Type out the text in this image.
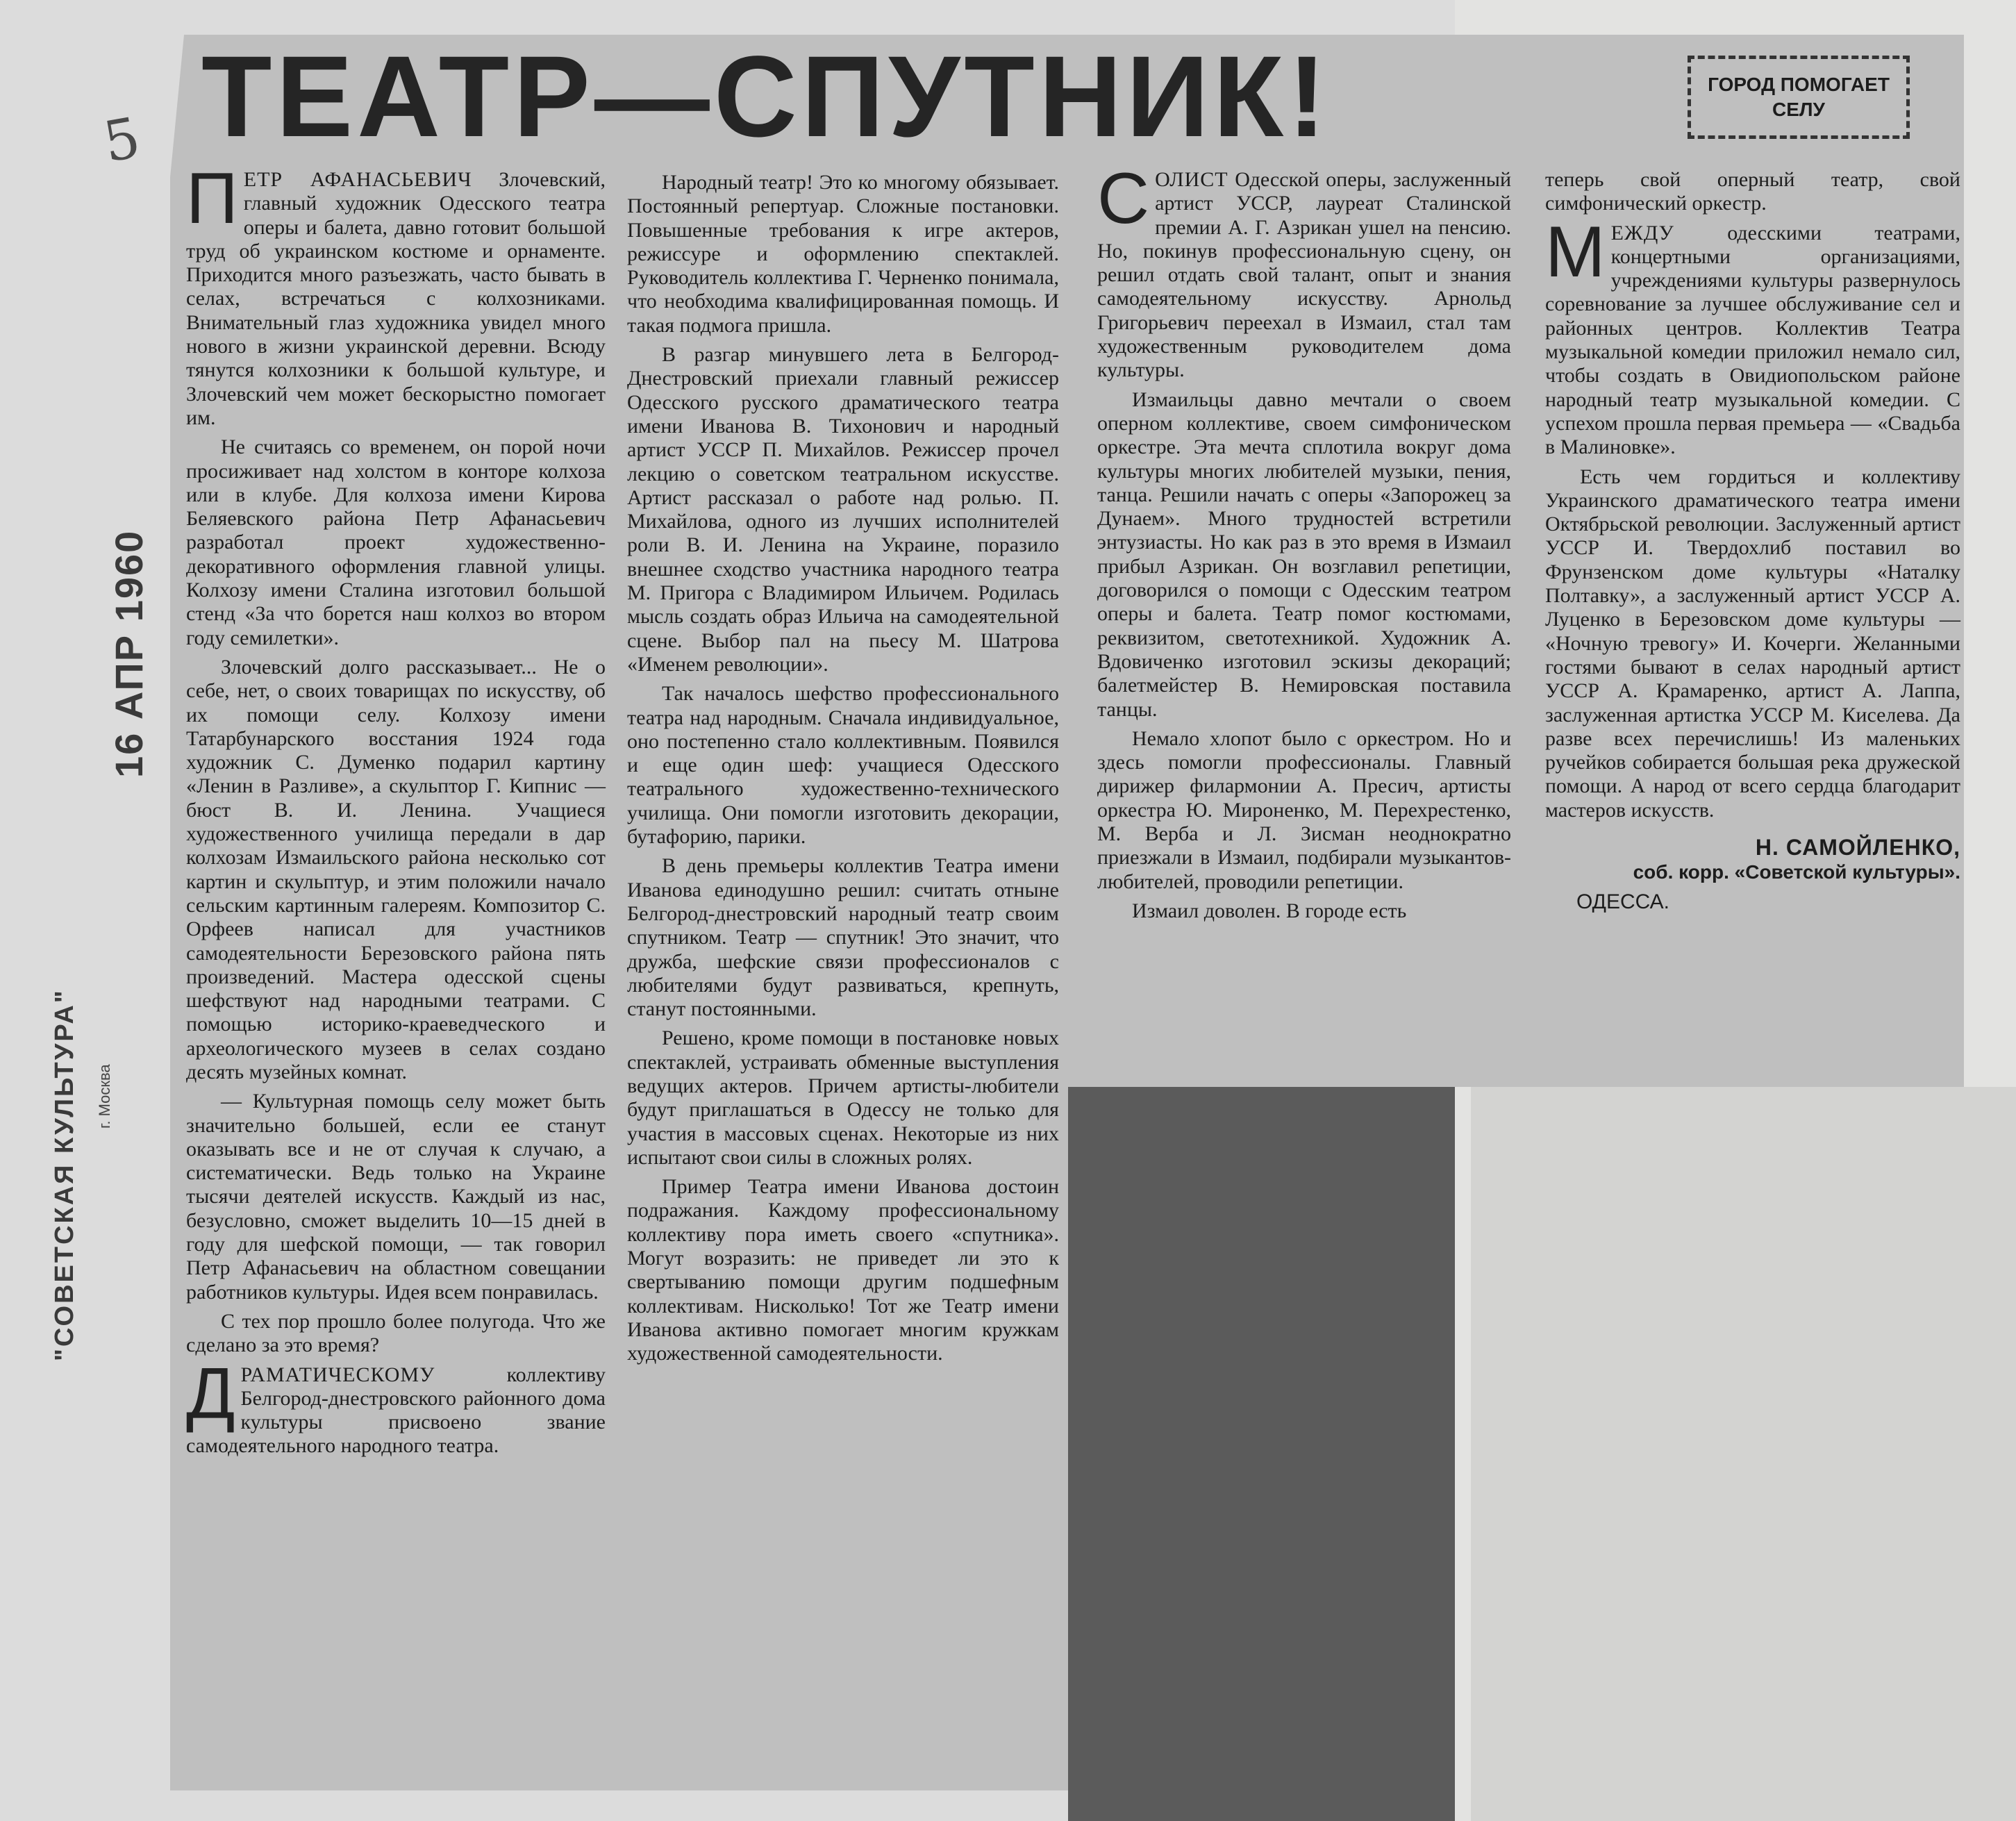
5
16 АПР 1960
"СОВЕТСКАЯ КУЛЬТУРА" г. Москва
ТЕАТР—СПУТНИК!	ГОРОД ПОМОГАЕТ СЕЛУ

ПЕТР АФАНАСЬЕВИЧ Злочевский, главный художник Одесского театра оперы и балета, давно готовит большой труд об украинском костюме и орнаменте. Приходится много разъезжать, часто бывать в селах, встречаться с колхозниками. Внимательный глаз художника увидел много нового в жизни украинской деревни. Всюду тянутся колхозники к большой культуре, и Злочевский чем может бескорыстно помогает им.

Не считаясь со временем, он порой ночи просиживает над холстом в конторе колхоза или в клубе. Для колхоза имени Кирова Беляевского района Петр Афанасьевич разработал проект художественно-декоративного оформления главной улицы. Колхозу имени Сталина изготовил большой стенд «За что борется наш колхоз во втором году семилетки».

Злочевский долго рассказывает... Не о себе, нет, о своих товарищах по искусству, об их помощи селу. Колхозу имени Татарбунарского восстания 1924 года художник С. Думенко подарил картину «Ленин в Разливе», а скульптор Г. Кипнис — бюст В. И. Ленина. Учащиеся художественного училища передали в дар колхозам Измаильского района несколько сот картин и скульптур, и этим положили начало сельским картинным галереям. Композитор С. Орфеев написал для участников самодеятельности Березовского района пять произведений. Мастера одесской сцены шефствуют над народными театрами. С помощью историко-краеведческого и археологического музеев в селах создано десять музейных комнат.

— Культурная помощь селу может быть значительно большей, если ее станут оказывать все и не от случая к случаю, а систематически. Ведь только на Украине тысячи деятелей искусств. Каждый из нас, безусловно, сможет выделить 10—15 дней в году для шефской помощи, — так говорил Петр Афанасьевич на областном совещании работников культуры. Идея всем понравилась.

С тех пор прошло более полугода. Что же сделано за это время?

ДРАМАТИЧЕСКОМУ коллективу Белгород-днестровского районного дома культуры присвоено звание самодеятельного народного театра.

Народный театр! Это ко многому обязывает. Постоянный репертуар. Сложные постановки. Повышенные требования к игре актеров, режиссуре и оформлению спектаклей. Руководитель коллектива Г. Черненко понимала, что необходима квалифицированная помощь. И такая подмога пришла.

В разгар минувшего лета в Белгород-Днестровский приехали главный режиссер Одесского русского драматического театра имени Иванова В. Тихонович и народный артист УССР П. Михайлов. Режиссер прочел лекцию о советском театральном искусстве. Артист рассказал о работе над ролью. П. Михайлова, одного из лучших исполнителей роли В. И. Ленина на Украине, поразило внешнее сходство участника народного театра М. Пригора с Владимиром Ильичем. Родилась мысль создать образ Ильича на самодеятельной сцене. Выбор пал на пьесу М. Шатрова «Именем революции».

Так началось шефство профессионального театра над народным. Сначала индивидуальное, оно постепенно стало коллективным. Появился и еще один шеф: учащиеся Одесского театрального художественно-технического училища. Они помогли изготовить декорации, бутафорию, парики.

В день премьеры коллектив Театра имени Иванова единодушно решил: считать отныне Белгород-днестровский народный театр своим спутником. Театр — спутник! Это значит, что дружба, шефские связи профессионалов с любителями будут развиваться, крепнуть, станут постоянными.

Решено, кроме помощи в постановке новых спектаклей, устраивать обменные выступления ведущих актеров. Причем артисты-любители будут приглашаться в Одессу не только для участия в массовых сценах. Некоторые из них испытают свои силы в сложных ролях.

Пример Театра имени Иванова достоин подражания. Каждому профессиональному коллективу пора иметь своего «спутника». Могут возразить: не приведет ли это к свертыванию помощи другим подшефным коллективам. Нисколько! Тот же Театр имени Иванова активно помогает многим кружкам художественной самодеятельности.

СОЛИСТ Одесской оперы, заслуженный артист УССР, лауреат Сталинской премии А. Г. Азрикан ушел на пенсию. Но, покинув профессиональную сцену, он решил отдать свой талант, опыт и знания самодеятельному искусству. Арнольд Григорьевич переехал в Измаил, стал там художественным руководителем дома культуры.

Измаильцы давно мечтали о своем оперном коллективе, своем симфоническом оркестре. Эта мечта сплотила вокруг дома культуры многих любителей музыки, пения, танца. Решили начать с оперы «Запорожец за Дунаем». Много трудностей встретили энтузиасты. Но как раз в это время в Измаил прибыл Азрикан. Он возглавил репетиции, договорился о помощи с Одесским театром оперы и балета. Театр помог костюмами, реквизитом, светотехникой. Художник А. Вдовиченко изготовил эскизы декораций; балетмейстер В. Немировская поставила танцы.

Немало хлопот было с оркестром. Но и здесь помогли профессионалы. Главный дирижер филармонии А. Пресич, артисты оркестра Ю. Мироненко, М. Перехрестенко, М. Верба и Л. Зисман неоднократно приезжали в Измаил, подбирали музыкантов-любителей, проводили репетиции.

Измаил доволен. В городе есть

теперь свой оперный театр, свой симфонический оркестр.

МЕЖДУ одесскими театрами, концертными организациями, учреждениями культуры развернулось соревнование за лучшее обслуживание сел и районных центров. Коллектив Театра музыкальной комедии приложил немало сил, чтобы создать в Овидиопольском районе народный театр музыкальной комедии. С успехом прошла первая премьера — «Свадьба в Малиновке».

Есть чем гордиться и коллективу Украинского драматического театра имени Октябрьской революции. Заслуженный артист УССР И. Твердохлиб поставил во Фрунзенском доме культуры «Наталку Полтавку», а заслуженный артист УССР А. Луценко в Березовском доме культуры — «Ночную тревогу» И. Кочерги. Желанными гостями бывают в селах народный артист УССР А. Крамаренко, артист А. Лаппа, заслуженная артистка УССР М. Киселева. Да разве всех перечислишь! Из маленьких ручейков собирается большая река дружеской помощи. А народ от всего сердца благодарит мастеров искусств.

Н. САМОЙЛЕНКО,
соб. корр. «Советской культуры».
ОДЕССА.
